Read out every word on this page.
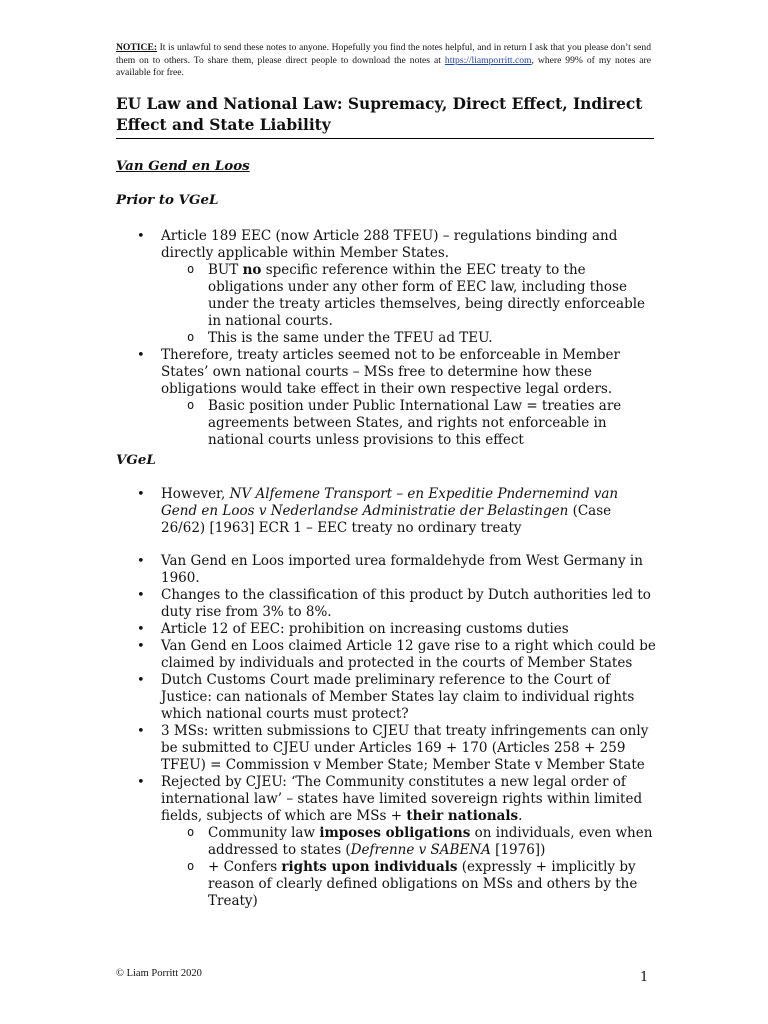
NOTICE: It is unlawful to send these notes to anyone. Hopefully you find the notes helpful, and in return I ask that you please don’t send them on to others. To share them, please direct people to download the notes at https://liamporritt.com, where 99% of my notes are available for free.
EU Law and National Law: Supremacy, Direct Effect, Indirect Effect and State Liability
Van Gend en Loos
Prior to VGeL
• Article 189 EEC (now Article 288 TFEU) – regulations binding and directly applicable within Member States.
o BUT no specific reference within the EEC treaty to the obligations under any other form of EEC law, including those under the treaty articles themselves, being directly enforceable in national courts.
o This is the same under the TFEU ad TEU.
• Therefore, treaty articles seemed not to be enforceable in Member States’ own national courts – MSs free to determine how these obligations would take effect in their own respective legal orders.
o Basic position under Public International Law = treaties are agreements between States, and rights not enforceable in national courts unless provisions to this effect
VGeL
• However, NV Alfemene Transport – en Expeditie Pndernemind van Gend en Loos v Nederlandse Administratie der Belastingen (Case 26/62) [1963] ECR 1 – EEC treaty no ordinary treaty
• Van Gend en Loos imported urea formaldehyde from West Germany in 1960.
• Changes to the classification of this product by Dutch authorities led to duty rise from 3% to 8%.
• Article 12 of EEC: prohibition on increasing customs duties
• Van Gend en Loos claimed Article 12 gave rise to a right which could be claimed by individuals and protected in the courts of Member States
• Dutch Customs Court made preliminary reference to the Court of Justice: can nationals of Member States lay claim to individual rights which national courts must protect?
• 3 MSs: written submissions to CJEU that treaty infringements can only be submitted to CJEU under Articles 169 + 170 (Articles 258 + 259 TFEU) = Commission v Member State; Member State v Member State
• Rejected by CJEU: ‘The Community constitutes a new legal order of international law’ – states have limited sovereign rights within limited fields, subjects of which are MSs + their nationals.
o Community law imposes obligations on individuals, even when addressed to states (Defrenne v SABENA [1976])
o + Confers rights upon individuals (expressly + implicitly by reason of clearly defined obligations on MSs and others by the Treaty)
© Liam Porritt 2020	1
